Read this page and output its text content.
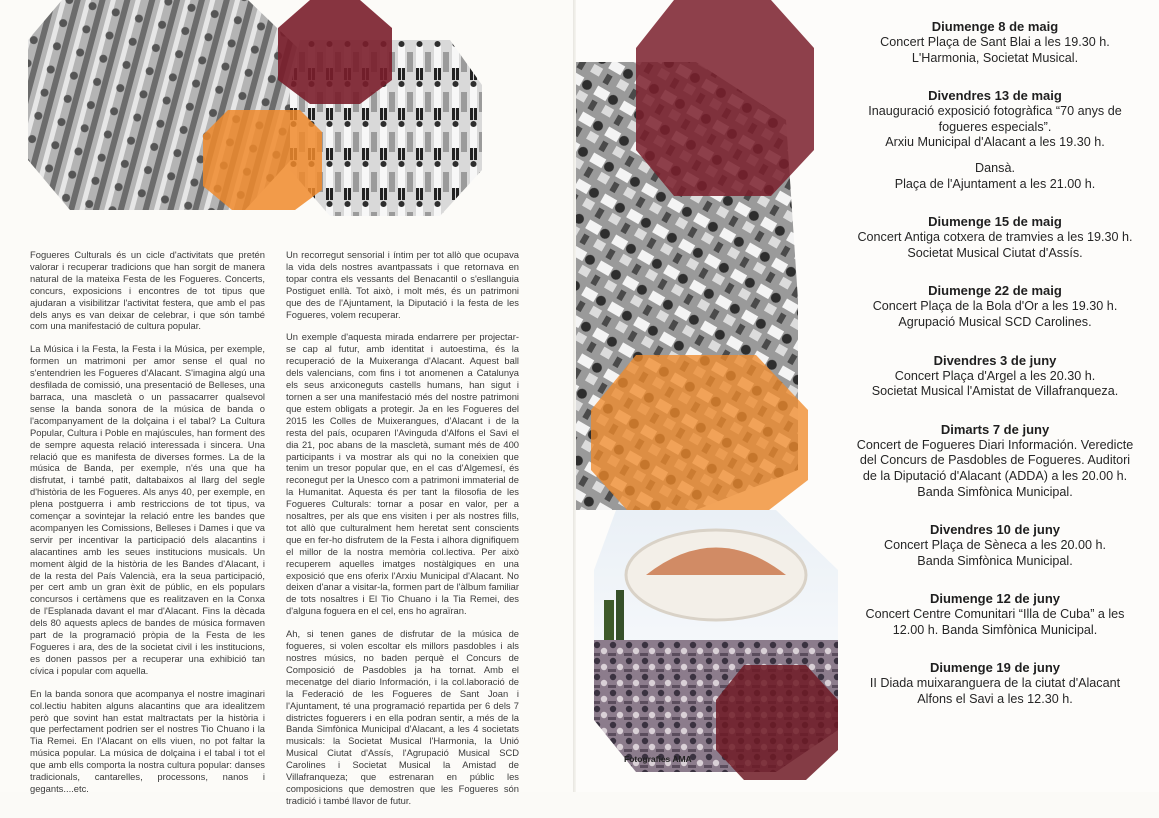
Fogueres Culturals és un cicle d'activitats que pretén valorar i recuperar tradicions que han sorgit de manera natural de la mateixa Festa de les Fogueres. Concerts, concurs, exposicions i encontres de tot tipus que ajudaran a visibilitzar l'activitat festera, que amb el pas dels anys es van deixar de celebrar, i que són també com una manifestació de cultura popular.

La Música i la Festa, la Festa i la Música, per exemple, formen un matrimoni per amor sense el qual no s'entendrien les Fogueres d'Alacant. S'imagina algú una desfilada de comissió, una presentació de Belleses, una barraca, una mascletà o un passacarrer qualsevol sense la banda sonora de la música de banda o l'acompanyament de la dolçaina i el tabal? La Cultura Popular, Cultura i Poble en majúscules, han forment des de sempre aquesta relació interessada i sincera. Una relació que es manifesta de diverses formes. La de la música de Banda, per exemple, n'és una que ha disfrutat, i també patit, daltabaixos al llarg del segle d'història de les Fogueres. Als anys 40, per exemple, en plena postguerra i amb restriccions de tot tipus, va començar a sovintejar la relació entre les bandes que acompanyen les Comissions, Belleses i Dames i que va servir per incentivar la participació dels alacantins i alacantines amb les seues institucions musicals. Un moment àlgid de la història de les Bandes d'Alacant, i de la resta del País Valencià, era la seua participació, per cert amb un gran èxit de públic, en els populars concursos i certàmens que es realitzaven en la Conxa de l'Esplanada davant el mar d'Alacant. Fins la dècada dels 80 aquests aplecs de bandes de música formaven part de la programació pròpia de la Festa de les Fogueres i ara, des de la societat civil i les institucions, es donen passos per a recuperar una exhibició tan cívica i popular com aquella.

En la banda sonora que acompanya el nostre imaginari col.lectiu habiten alguns alacantins que ara idealitzem però que sovint han estat maltractats per la història i que perfectament podrien ser el nostres Tio Chuano i la Tia Remei. En l'Alacant on ells viuen, no pot faltar la música popular. La música de dolçaina i el tabal i tot el que amb ells comporta la nostra cultura popular: danses tradicionals, cantarelles, processons, nanos i gegants....etc.

Un recorregut sensorial i íntim per tot allò que ocupava la vida dels nostres avantpassats i que retornava en topar contra els vessants del Benacantil o s'esllanguia Postiguet enllà. Tot això, i molt més, és un patrimoni que des de l'Ajuntament, la Diputació i la festa de les Fogueres, volem recuperar.

Un exemple d'aquesta mirada endarrere per projectar-se cap al futur, amb identitat i autoestima, és la recuperació de la Muixeranga d'Alacant. Aquest ball dels valencians, com fins i tot anomenen a Catalunya els seus arxiconeguts castells humans, han sigut i tornen a ser una manifestació més del nostre patrimoni que estem obligats a protegir. Ja en les Fogueres del 2015 les Colles de Muixerangues, d'Alacant i de la resta del país, ocuparen l'Avinguda d'Alfons el Savi el dia 21, poc abans de la mascletà, sumant més de 400 participants i va mostrar als qui no la coneixien que tenim un tresor popular que, en el cas d'Algemesí, és reconegut per la Unesco com a patrimoni immaterial de la Humanitat. Aquesta és per tant la filosofia de les Fogueres Culturals: tornar a posar en valor, per a nosaltres, per als que ens visiten i per als nostres fills, tot allò que culturalment hem heretat sent conscients que en fer-ho disfrutem de la Festa i alhora dignifiquem el millor de la nostra memòria col.lectiva. Per això recuperem aquelles imatges nostàlgiques en una exposició que ens oferix l'Arxiu Municipal d'Alacant. No deixen d'anar a visitar-la, formen part de l'àlbum familiar de tots nosaltres i El Tio Chuano i la Tia Remei, des d'alguna foguera en el cel, ens ho agraïran.

Ah, si tenen ganes de disfrutar de la música de fogueres, si volen escoltar els millors pasdobles i als nostres músics, no baden perquè el Concurs de Composició de Pasdobles ja ha tornat. Amb el mecenatge del diario Información, i la col.laboració de la Federació de les Fogueres de Sant Joan i l'Ajuntament, té una programació repartida per 6 dels 7 districtes foguerers i en ella podran sentir, a més de la Banda Simfònica Municipal d'Alacant, a les 4 societats musicals: la Societat Musical l'Harmonia, la Unió Musical Ciutat d'Assís, l'Agrupació Musical SCD Carolines i Societat Musical la Amistad de Villafranqueza; que estrenaran en públic les composicions que demostren que les Fogueres són tradició i també llavor de futur.

Fotografies AMA
Diumenge 8 de maig
Concert Plaça de Sant Blai a les 19.30 h.
L'Harmonia, Societat Musical.
Divendres 13 de maig
Inauguració exposició fotogràfica “70 anys de
fogueres especials”.
Arxiu Municipal d'Alacant a les 19.30 h.
Dansà.
Plaça de l'Ajuntament a les 21.00 h.
Diumenge 15 de maig
Concert Antiga cotxera de tramvies a les 19.30 h.
Societat Musical Ciutat d'Assís.
Diumenge 22 de maig
Concert Plaça de la Bola d'Or a les 19.30 h.
Agrupació Musical SCD Carolines.
Divendres 3 de juny
Concert Plaça d'Argel a les 20.30 h.
Societat Musical l'Amistat de Villafranqueza.
Dimarts 7 de juny
Concert de Fogueres Diari Información. Veredicte
del Concurs de Pasdobles de Fogueres. Auditori
de la Diputació d'Alacant (ADDA) a les 20.00 h.
Banda Simfònica Municipal.
Divendres 10 de juny
Concert Plaça de Sèneca a les 20.00 h.
Banda Simfònica Municipal.
Diumenge 12 de juny
Concert Centre Comunitari “Illa de Cuba” a les
12.00 h. Banda Simfònica Municipal.
Diumenge 19 de juny
II Diada muixaranguera de la ciutat d'Alacant
Alfons el Savi a les 12.30 h.
